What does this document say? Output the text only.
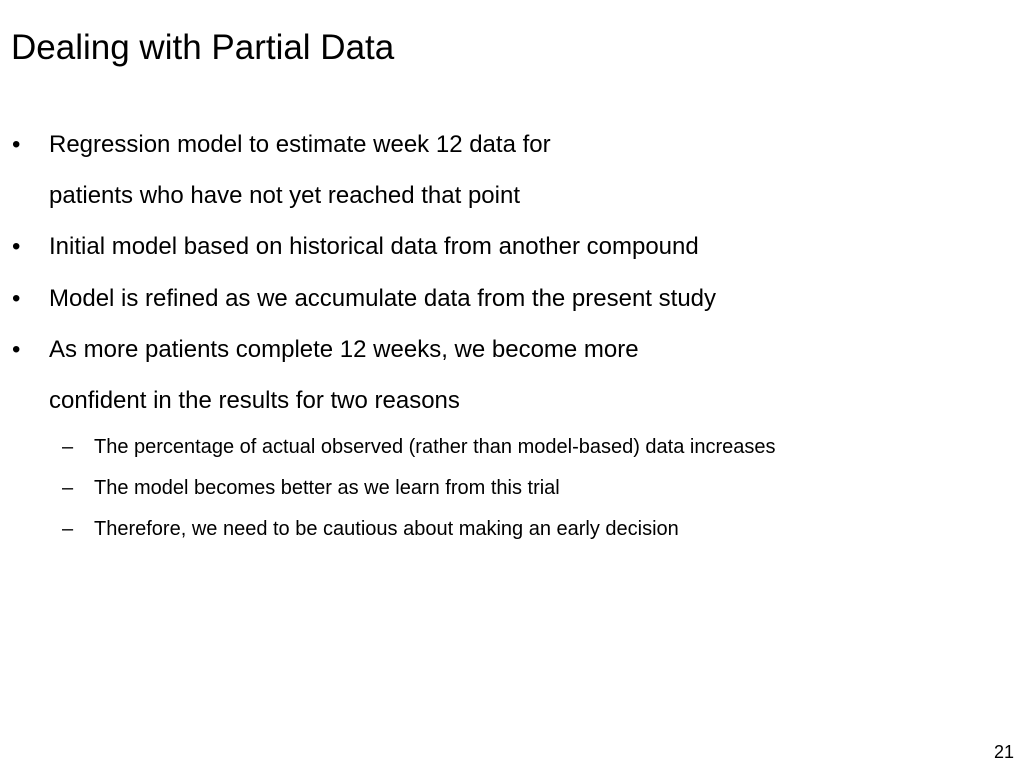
Dealing with Partial Data
• Regression model to estimate week 12 data for
patients who have not yet reached that point
• Initial model based on historical data from another compound
• Model is refined as we accumulate data from the present study
• As more patients complete 12 weeks, we become more
confident in the results for two reasons
– The percentage of actual observed (rather than model-based) data increases
– The model becomes better as we learn from this trial
– Therefore, we need to be cautious about making an early decision
21
